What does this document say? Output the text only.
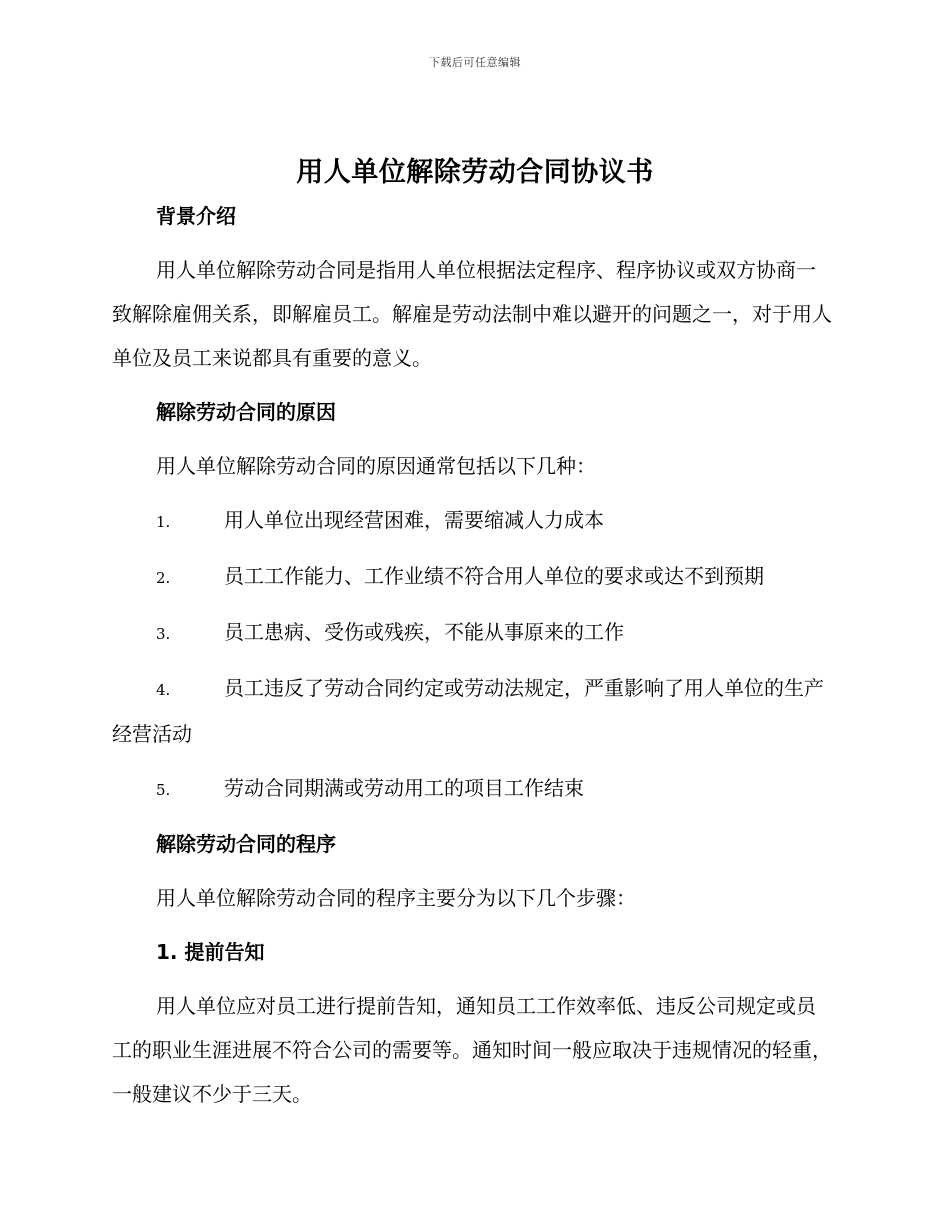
下载后可任意编辑
用人单位解除劳动合同协议书
背景介绍
用人单位解除劳动合同是指用人单位根据法定程序、程序协议或双方协商一致解除雇佣关系，即解雇员工。解雇是劳动法制中难以避开的问题之一，对于用人单位及员工来说都具有重要的意义。
解除劳动合同的原因
用人单位解除劳动合同的原因通常包括以下几种：
1.	用人单位出现经营困难，需要缩减人力成本
2.	员工工作能力、工作业绩不符合用人单位的要求或达不到预期
3.	员工患病、受伤或残疾，不能从事原来的工作
4.	员工违反了劳动合同约定或劳动法规定，严重影响了用人单位的生产经营活动
5.	劳动合同期满或劳动用工的项目工作结束
解除劳动合同的程序
用人单位解除劳动合同的程序主要分为以下几个步骤：
1. 提前告知
用人单位应对员工进行提前告知，通知员工工作效率低、违反公司规定或员工的职业生涯进展不符合公司的需要等。通知时间一般应取决于违规情况的轻重，一般建议不少于三天。
